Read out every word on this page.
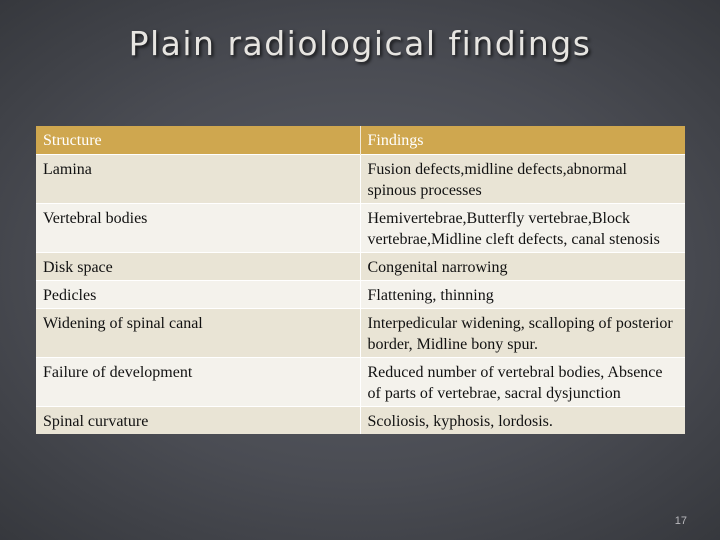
Plain radiological findings
Structure	Findings
Lamina	Fusion defects,midline defects,abnormal spinous processes
Vertebral bodies	Hemivertebrae,Butterfly vertebrae,Block vertebrae,Midline cleft defects, canal stenosis
Disk space	Congenital narrowing
Pedicles	Flattening, thinning
Widening of spinal canal	Interpedicular widening, scalloping of posterior border, Midline bony spur.
Failure of development	Reduced number of vertebral bodies, Absence of parts of vertebrae, sacral dysjunction
Spinal curvature	Scoliosis, kyphosis, lordosis.
17
